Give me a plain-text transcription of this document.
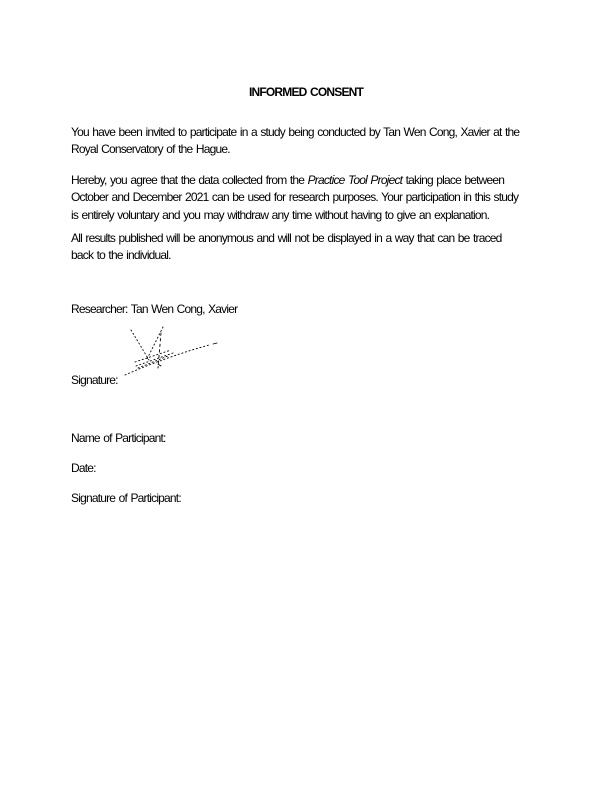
INFORMED CONSENT
You have been invited to participate in a study being conducted by Tan Wen Cong, Xavier at the
Royal Conservatory of the Hague.
Hereby, you agree that the data collected from the Practice Tool Project taking place between
October and December 2021 can be used for research purposes. Your participation in this study
is entirely voluntary and you may withdraw any time without having to give an explanation.
All results published will be anonymous and will not be displayed in a way that can be traced
back to the individual.
Researcher: Tan Wen Cong, Xavier
Signature:
Name of Participant:
Date:
Signature of Participant:
